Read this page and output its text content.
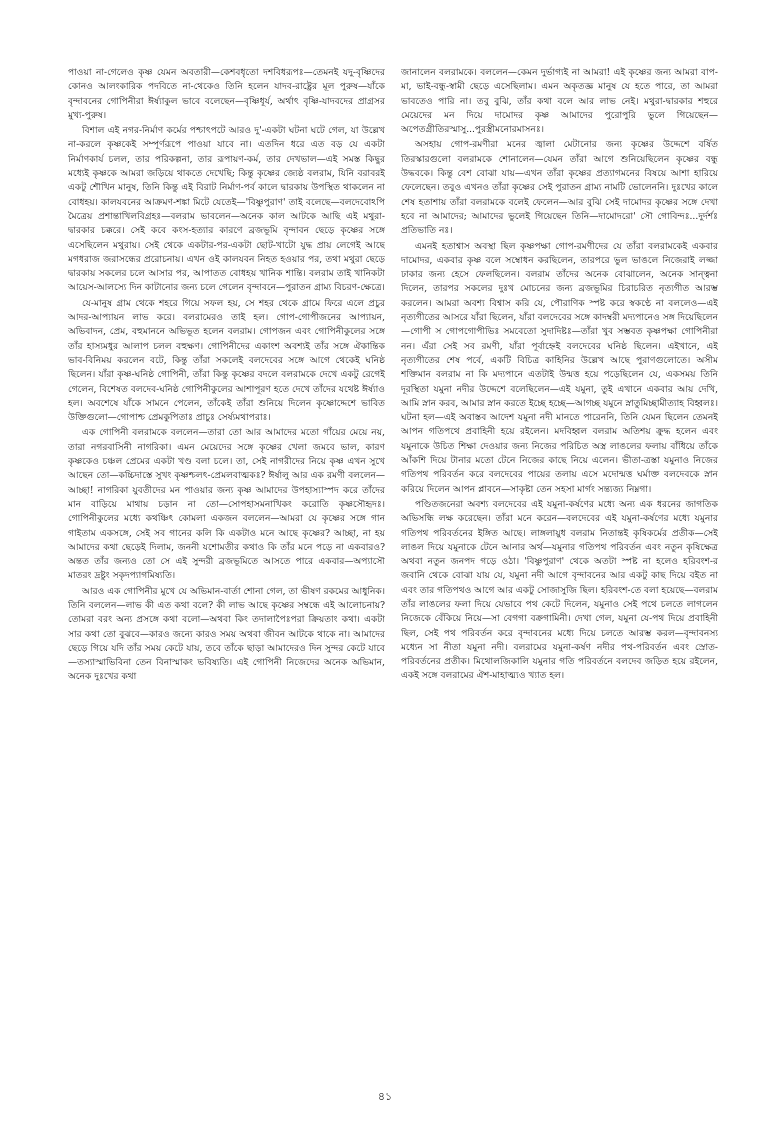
পাওয়া না-গেলেও কৃষ্ণ যেমন অবতারী—কেশবধৃতো দশবিধরূপঃ—তেমনই যদু-বৃষ্ণিদের কোনও আলংকারিক পদবিতে না-থেকেও তিনি হলেন যাদব-রাষ্ট্রের মূল পুরুষ—যাঁকে বৃন্দাবনের গোপিনীরা ঈর্ষ্যাকুল ভাবে বলেছেন—বৃষ্ণিধূর্য, অর্থাৎ বৃষ্ণি-যাদবদের প্রাগ্রসর মুখ্য-পুরুষ।

বিশাল এই নগর-নির্মাণ কর্মের পশ্চাৎপটে আরও দু'-একটা ঘটনা ঘটে গেল, যা উল্লেখ না-করলে কৃষ্ণকেই সম্পূর্ণরূপে পাওয়া যাবে না। এতদিন ধরে এত বড় যে একটা নির্মাণকার্য চলল, তার পরিকল্পনা, তার রূপায়ণ-কর্ম, তার দেখভাল—এই সমস্ত কিছুর মধ্যেই কৃষ্ণকে আমরা জড়িয়ে থাকতে দেখেছি; কিন্তু কৃষ্ণের জ্যেষ্ঠ বলরাম, যিনি বরাবরই একটু শৌখিন মানুষ, তিনি কিন্তু এই বিরাট নির্মাণ-পর্ব কালে দ্বারকায় উপস্থিত থাকলেন না বোধহয়। কালযবনের আক্রমণ-শঙ্কা মিটে যেতেই—'বিষ্ণুপুরাণ' তাই বলেছে—বলদেবোঽপি মৈত্রেয় প্রশান্তাখিলবিগ্রহঃ—বলরাম ভাবলেন—অনেক কাল আটকে আছি এই মথুরা-দ্বারকার চক্করে। সেই কবে কংস-হত্যার কারণে ব্রজভূমি বৃন্দাবন ছেড়ে কৃষ্ণের সঙ্গে এসেছিলেন মথুরায়। সেই থেকে একটার-পর-একটা ছোট-খাটো যুদ্ধ প্রায় লেগেই আছে মগধরাজ জরাসন্ধের প্ররোচনায়। এখন ওই কালযবন নিহত হওয়ার পর, তথা মথুরা ছেড়ে দ্বারকায় সকলের চলে আসার পর, আপাতত বোধহয় খানিক শান্তি। বলরাম তাই খানিকটা আয়েস-আলস্যে দিন কাটানোর জন্য চলে গেলেন বৃন্দাবনে—পুরাতন গ্রাম্য বিচরণ-ক্ষেত্রে।

যে-মানুষ গ্রাম থেকে শহরে গিয়ে সফল হয়, সে শহর থেকে গ্রামে ফিরে এলে প্রচুর আদর-আপ্যায়ন লাভ করে। বলরামেরও তাই হল। গোপ-গোপীজনের আপ্যায়ন, অভিবাদন, প্রেম, বহুমাননে অভিভূত হলেন বলরাম। গোপজন এবং গোপিনীকুলের সঙ্গে তাঁর হাস্যমধুর আলাপ চলল বহুক্ষণ। গোপিনীদের একাংশ অবশ্যই তাঁর সঙ্গে ঐকান্তিক ভাব-বিনিময় করলেন বটে, কিন্তু তাঁরা সকলেই বলদেবের সঙ্গে আগে থেকেই ঘনিষ্ঠ ছিলেন। যাঁরা কৃষ্ণ-ঘনিষ্ঠ গোপিনী, তাঁরা কিন্তু কৃষ্ণের বদলে বলরামকে দেখে একটু রেগেই গেলেন, বিশেষত বলদেব-ঘনিষ্ঠ গোপিনীকুলের আশাপূরণ হতে দেখে তাঁদের যথেষ্ট ঈর্ষ্যাও হল। অবশেষে যাঁকে সামনে পেলেন, তাঁকেই তাঁরা শুনিয়ে দিলেন কৃষ্ণোদ্দেশে ভাবিত উক্তিগুলো—গোপাশ্চ প্রেমকুপিতাঃ প্রাচুঃ সের্ষ্যমথাপরাঃ।

এক গোপিনী বলরামকে বললেন—তারা তো আর আমাদের মতো গাঁয়ের মেয়ে নয়, তারা নগরবাসিনী নাগরিকা। এমন মেয়েদের সঙ্গে কৃষ্ণের খেলা জমবে ভাল, কারণ কৃষ্ণকেও চঞ্চল প্রেমের একটা খণ্ড বলা চলে। তা, সেই নাগরীদের নিয়ে কৃষ্ণ এখন সুখে আছেন তো—কচ্চিদাস্তে সুখং কৃষ্ণশ্চলৎ-প্রেমলবাত্মকঃ? ঈর্ষালু আর এক রমণী বললেন—আচ্ছা! নাগরিকা যুবতীদের মন পাওয়ার জন্য কৃষ্ণ আমাদের উপহাস্যাস্পদ করে তাঁদের মান বাড়িয়ে মাথায় চড়ান না তো—সোপহাসমনাখিকং করোতি কৃষ্ণসৌহৃদঃ। গোপিনীকুলের মধ্যে কথঞ্চিৎ কোমলা একজন বললেন—আমরা যে কৃষ্ণের সঙ্গে গান গাইতাম একসঙ্গে, সেই সব গানের কলি কি একটাও মনে আছে কৃষ্ণের? আচ্ছা, না হয় আমাদের কথা ছেড়েই দিলাম, জননী যশোমতীর কথাও কি তাঁর মনে পড়ে না একবারও? অন্তত তাঁর জন্যও তো সে এই সুন্দরী ব্রজভূমিতে আসতে পারে একবার—অপ্যাসৌ মাতরং দ্রষ্টুং সকৃদপ্যাগমিষ্যতি।

আরও এক গোপিনীর মুখে যে অভিমান-বার্তা শোনা গেল, তা ভীষণ রকমের আধুনিক। তিনি বললেন—লাভ কী এত কথা বলে? কী লাভ আছে কৃষ্ণের সম্বন্ধে এই আলোচনায়? তোমরা বরং অন্য প্রসঙ্গে কথা বলো—অথবা কিং তদালাপৈঃপরা ক্রিয়তাং কথা। একটা সার কথা তো বুঝবে—কারও জন্যে কারও সময় অথবা জীবন আটকে থাকে না। আমাদের ছেড়ে গিয়ে যদি তাঁর সময় কেটে যায়, তবে তাঁকে ছাড়া আমাদেরও দিন সুন্দর কেটে যাবে—তস্যাস্মাভিবিনা তেন বিনাস্মাকং ভবিষ্যতি। এই গোপিনী নিজেদের অনেক অভিমান, অনেক দুঃখের কথা

জানালেন বলরামকে। বললেন—কেমন দুর্ভাগ্যই না আমরা! এই কৃষ্ণের জন্য আমরা বাপ-মা, ভাই-বন্ধু-স্বামী ছেড়ে এসেছিলাম। এমন অকৃতজ্ঞ মানুষ যে হতে পারে, তা আমরা ভাবতেও পারি না। তবু বুঝি, তাঁর কথা বলে আর লাভ নেই। মথুরা-দ্বারকার শহুরে মেয়েদের মন দিয়ে দামোদর কৃষ্ণ আমাদের পুরোপুরি ভুলে গিয়েছেন—অপেতগ্রীতিরস্মাসু...পুরস্ত্রীমনোরমাসনঃ।

অসহায় গোপ-রমণীরা মনের জ্বালা মেটানোর জন্য কৃষ্ণের উদ্দেশে বর্ষিত তিরস্কারগুলো বলরামকে শোনালেন—যেমন তাঁরা আগে শুনিয়েছিলেন কৃষ্ণের বন্ধু উদ্ধবকে। কিন্তু বেশ বোঝা যায়—এখন তাঁরা কৃষ্ণের প্রত্যাগমনের বিষয়ে আশা হারিয়ে ফেলেছেন। তবুও এখনও তাঁরা কৃষ্ণের সেই পুরাতন গ্রাম্য নামটি ভোলেননি। দুঃখের কালে শেষ হতাশায় তাঁরা বলরামকে বলেই ফেলেন—আর বুঝি সেই দামোদর কৃষ্ণের সঙ্গে দেখা হবে না আমাদের; আমাদের ভুলেই গিয়েছেন তিনি—দামোদরো' সৌ গোবিন্দঃ...দুর্দর্শঃ প্রতিভাতি নঃ।

এমনই হতাশ্বাস অবস্থা ছিল কৃষ্ণপক্ষা গোপ-রমণীদের যে তাঁরা বলরামকেই একবার দামোদর, একবার কৃষ্ণ বলে সম্বোধন করছিলেন, তারপরে ভুল ভাঙলে নিজেরাই লজ্জা ঢাকার জন্য হেসে ফেলছিলেন। বলরাম তাঁদের অনেক বোঝালেন, অনেক সান্ত্বনা দিলেন, তারপর সকলের দুঃখ মোচনের জন্য ব্রজভূমির চিরাচরিত নৃত্যগীত আরম্ভ করলেন। আমরা অবশ্য বিশ্বাস করি যে, পৌরাণিক স্পষ্ট করে স্বকণ্ঠে না বললেও—এই নৃত্যগীতের আসরে যাঁরা ছিলেন, যাঁরা বলদেবের সঙ্গে কাদম্বরী মদ্যপানেও সঙ্গ দিয়েছিলেন—গোপী স গোপগোপীভিঃ সমবেতো সুদাদিষ্টঃ—তাঁরা খুব সম্ভবত কৃষ্ণপক্ষা গোপিনীরা নন। এঁরা সেই সব রমণী, যাঁরা পূর্বাহ্নেই বলদেবের ঘনিষ্ঠ ছিলেন। এইখানে, এই নৃত্যগীতের শেষ পর্বে, একটি বিচিত্র কাহিনির উল্লেখ আছে পুরাণগুলোতে। অসীম শক্তিমান বলরাম না কি মদ্যপানে এতটাই উন্মত্ত হয়ে পড়েছিলেন যে, একসময় তিনি দূরস্থিতা যমুনা নদীর উদ্দেশে বলেছিলেন—এই যমুনা, তুই এখানে একবার আয় দেখি, আমি স্নান করব, আমার স্নান করতে ইচ্ছে হচ্ছে—আগচ্ছ যমুনে স্নাতুমিচ্ছামীত্যাহ বিহ্বলঃ। ঘটনা হল—এই অবাস্তব আদেশ যমুনা নদী মানতে পারেননি, তিনি যেমন ছিলেন তেমনই আপন গতিপথে প্রবাহিনী হয়ে রইলেন। মদবিহ্বল বলরাম অতিশয় ক্রুদ্ধ হলেন এবং যমুনাকে উচিত শিক্ষা দেওয়ার জন্য নিজের পরিচিত অস্ত্র লাঙলের ফলায় বাঁধিয়ে তাঁকে আঁকশি দিয়ে টানার মতো টেনে নিজের কাছে নিয়ে এলেন। ভীতা-ত্রস্তা যমুনাও নিজের গতিপথ পরিবর্তন করে বলদেবের পায়ের তলায় এসে মদোন্মত্ত ঘর্মাক্ত বলদেবকে স্নান করিয়ে দিলেন আপন প্লাবনে—সাকৃষ্টা তেন সহসা মার্গং সন্ত্যজ্য নিম্নগা।

পণ্ডিতজনেরা অবশ্য বলদেবের এই যমুনা-কর্ষণের মধ্যে অন্য এক ধরনের জাগতিক অভিসন্ধি লক্ষ করেছেন। তাঁরা মনে করেন—বলদেবের এই যমুনা-কর্ষণের মধ্যে যমুনার গতিপথ পরিবর্তনের ইঙ্গিত আছে। লাঙ্গলায়ুধ বলরাম নিতান্তই কৃষিকর্মের প্রতীক—সেই লাঙল দিয়ে যমুনাকে টেনে আনার অর্থ—যমুনার গতিপথ পরিবর্তন এবং নতুন কৃষিক্ষেত্র অথবা নতুন জনপদ গড়ে ওঠা। 'বিষ্ণুপুরাণ' থেকে অতটা স্পষ্ট না হলেও হরিবংশ-র জবানি থেকে বোঝা যায় যে, যমুনা নদী আগে বৃন্দাবনের আর একটু কাছ দিয়ে বইত না এবং তার গতিপথও আগে আর একটু সোজাসুজি ছিল। হরিবংশ-তে বলা হয়েছে—বলরাম তাঁর লাঙলের ফলা দিয়ে যেভাবে পথ কেটে দিলেন, যমুনাও সেই পথে চলতে লাগলেন নিজেকে বেঁকিয়ে নিয়ে—সা বেগগা বক্রগামিনী। দেখা গেল, যমুনা যে-পথ দিয়ে প্রবাহিনী ছিল, সেই পথ পরিবর্তন করে বৃন্দাবনের মধ্যে দিয়ে চলতে আরম্ভ করল—বৃন্দাবনস্য মধ্যেন সা নীতা যমুনা নদী। বলরামের যমুনা-কর্ষণ নদীর পথ-পরিবর্তন এবং স্রোত-পরিবর্তনের প্রতীক। মিথোলজিকালি যমুনার গতি পরিবর্তনে বলদেব জড়িত হয়ে রইলেন, একই সঙ্গে বলরামের ঐশ-মাহাত্ম্যও খ্যাত হল।

৪১
